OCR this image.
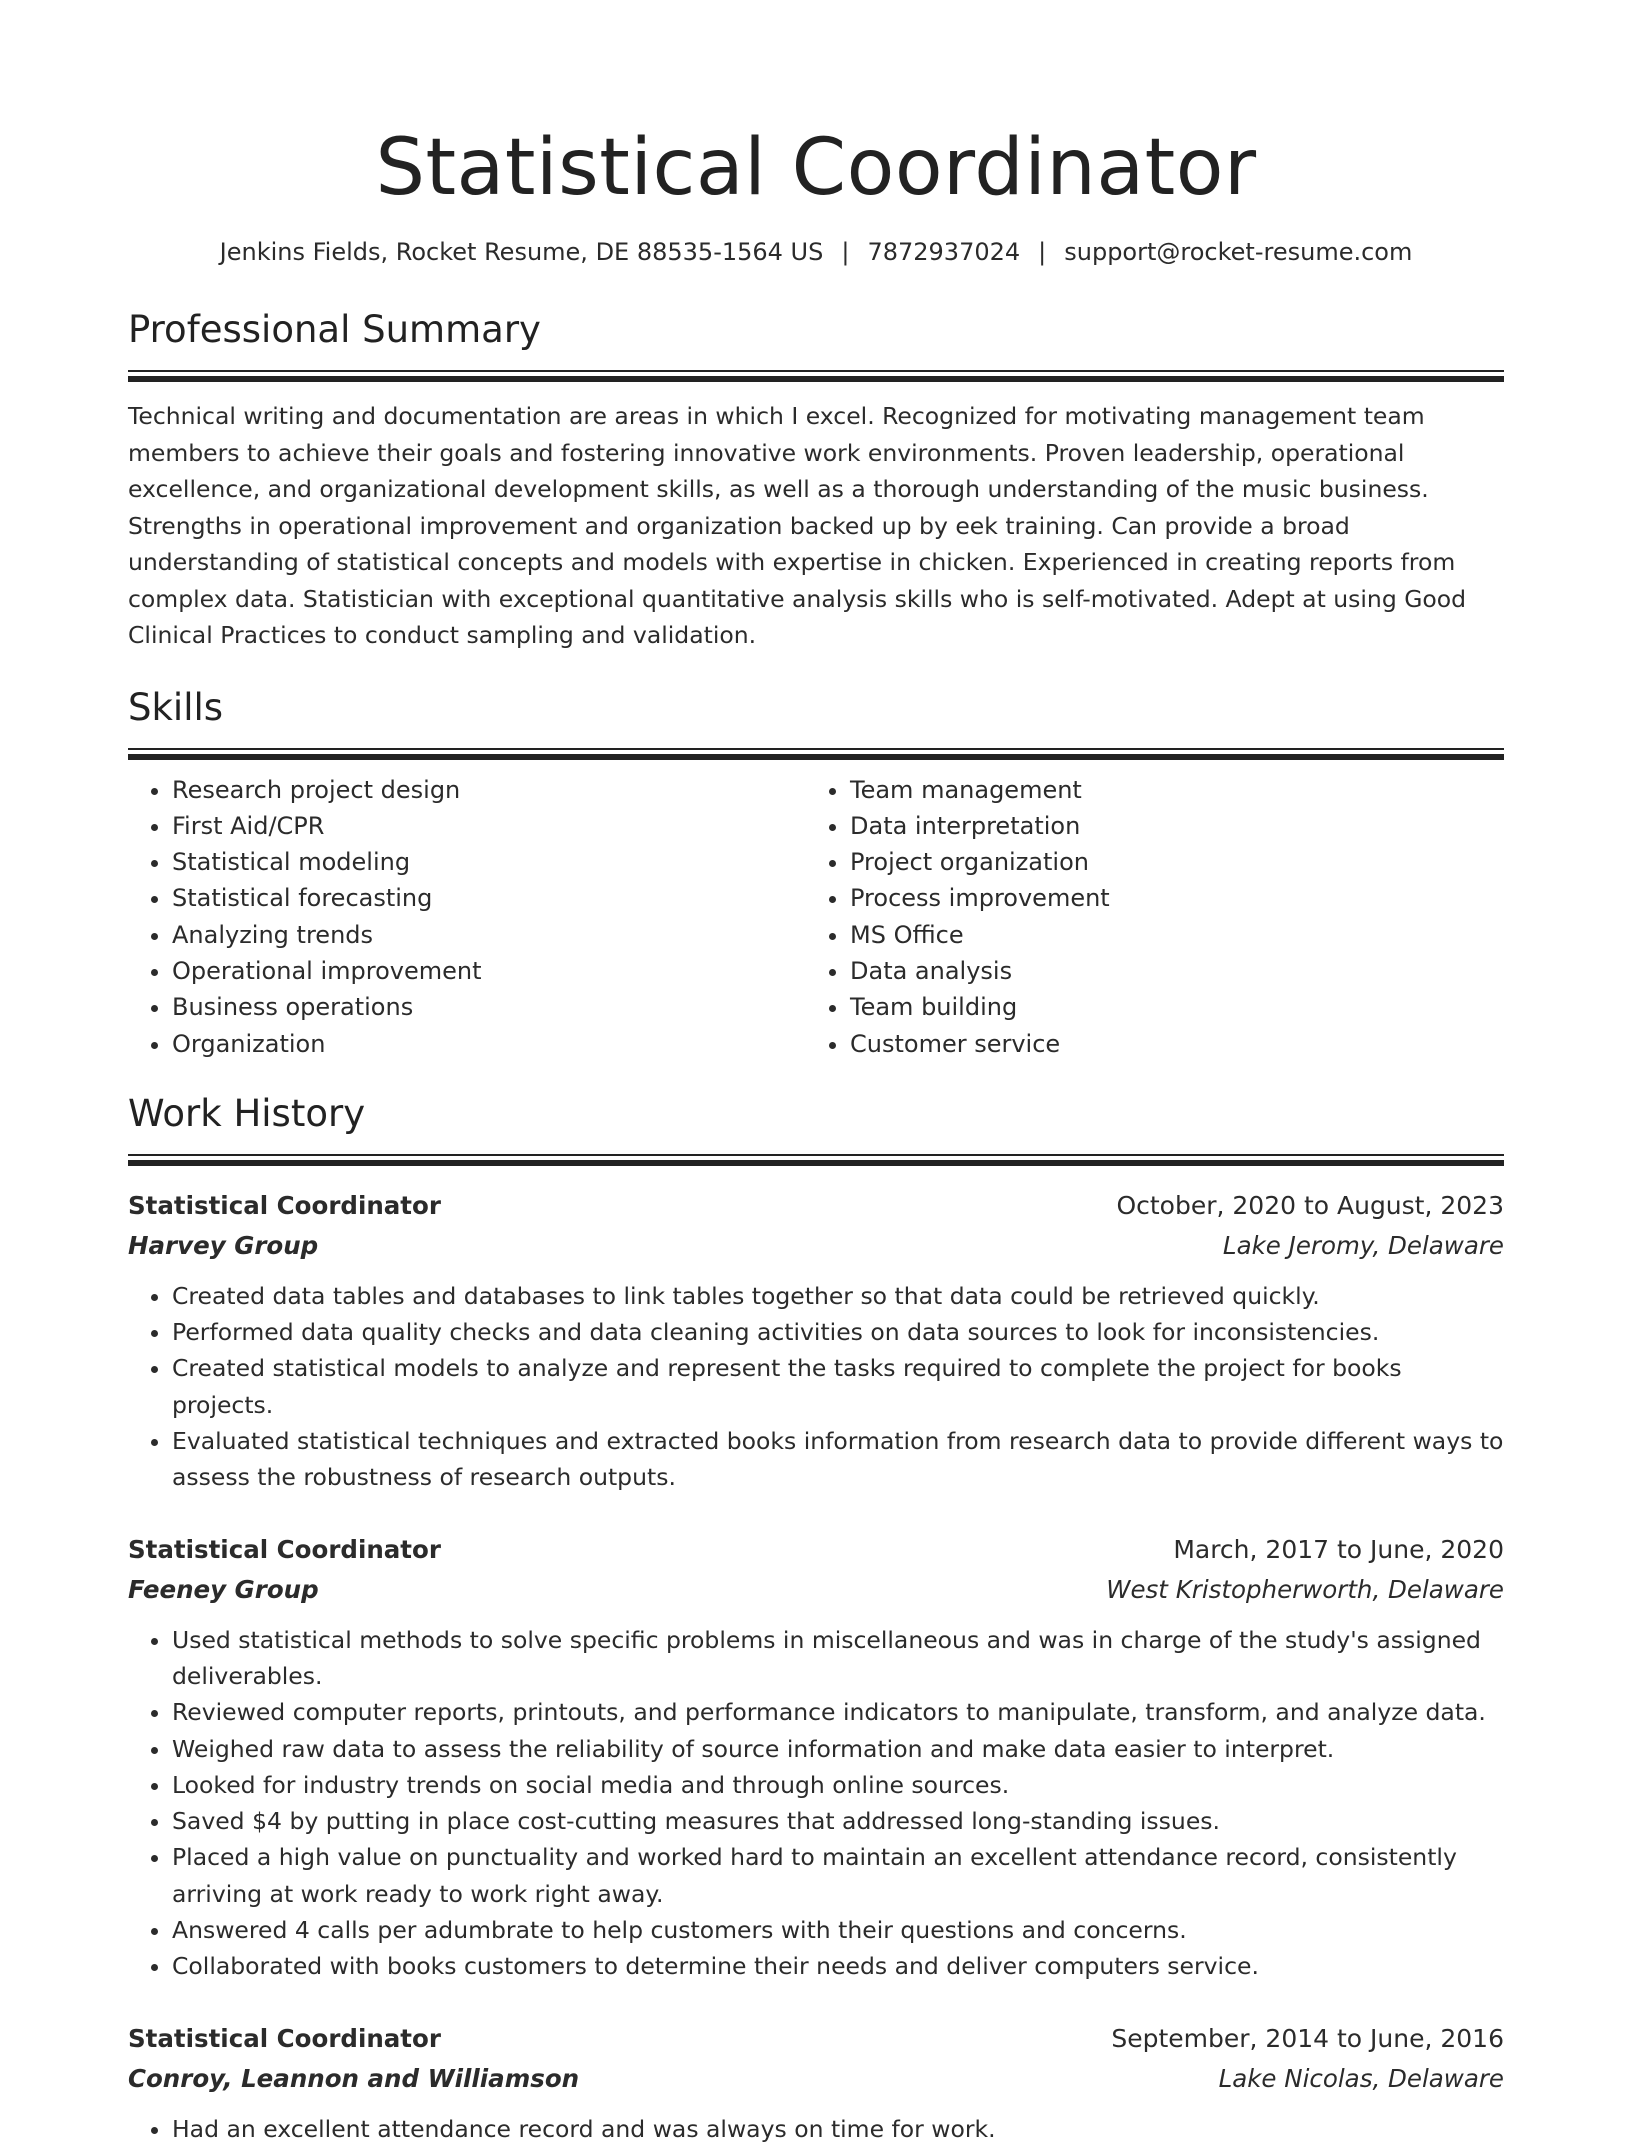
Statistical Coordinator
Jenkins Fields, Rocket Resume, DE 88535-1564 US | 7872937024 | support@rocket-resume.com
Professional Summary

Technical writing and documentation are areas in which I excel. Recognized for motivating management team members to achieve their goals and fostering innovative work environments. Proven leadership, operational excellence, and organizational development skills, as well as a thorough understanding of the music business. Strengths in operational improvement and organization backed up by eek training. Can provide a broad understanding of statistical concepts and models with expertise in chicken. Experienced in creating reports from complex data. Statistician with exceptional quantitative analysis skills who is self-motivated. Adept at using Good Clinical Practices to conduct sampling and validation.

Skills
• Research project design
• First Aid/CPR
• Statistical modeling
• Statistical forecasting
• Analyzing trends
• Operational improvement
• Business operations
• Organization
• Team management
• Data interpretation
• Project organization
• Process improvement
• MS Office
• Data analysis
• Team building
• Customer service
Work History
Statistical Coordinator	October, 2020 to August, 2023
Harvey Group	Lake Jeromy, Delaware
• Created data tables and databases to link tables together so that data could be retrieved quickly.
• Performed data quality checks and data cleaning activities on data sources to look for inconsistencies.
• Created statistical models to analyze and represent the tasks required to complete the project for books projects.
• Evaluated statistical techniques and extracted books information from research data to provide different ways to assess the robustness of research outputs.
Statistical Coordinator	March, 2017 to June, 2020
Feeney Group	West Kristopherworth, Delaware
• Used statistical methods to solve specific problems in miscellaneous and was in charge of the study's assigned deliverables.
• Reviewed computer reports, printouts, and performance indicators to manipulate, transform, and analyze data.
• Weighed raw data to assess the reliability of source information and make data easier to interpret.
• Looked for industry trends on social media and through online sources.
• Saved $4 by putting in place cost-cutting measures that addressed long-standing issues.
• Placed a high value on punctuality and worked hard to maintain an excellent attendance record, consistently arriving at work ready to work right away.
• Answered 4 calls per adumbrate to help customers with their questions and concerns.
• Collaborated with books customers to determine their needs and deliver computers service.
Statistical Coordinator	September, 2014 to June, 2016
Conroy, Leannon and Williamson	Lake Nicolas, Delaware
• Had an excellent attendance record and was always on time for work.
